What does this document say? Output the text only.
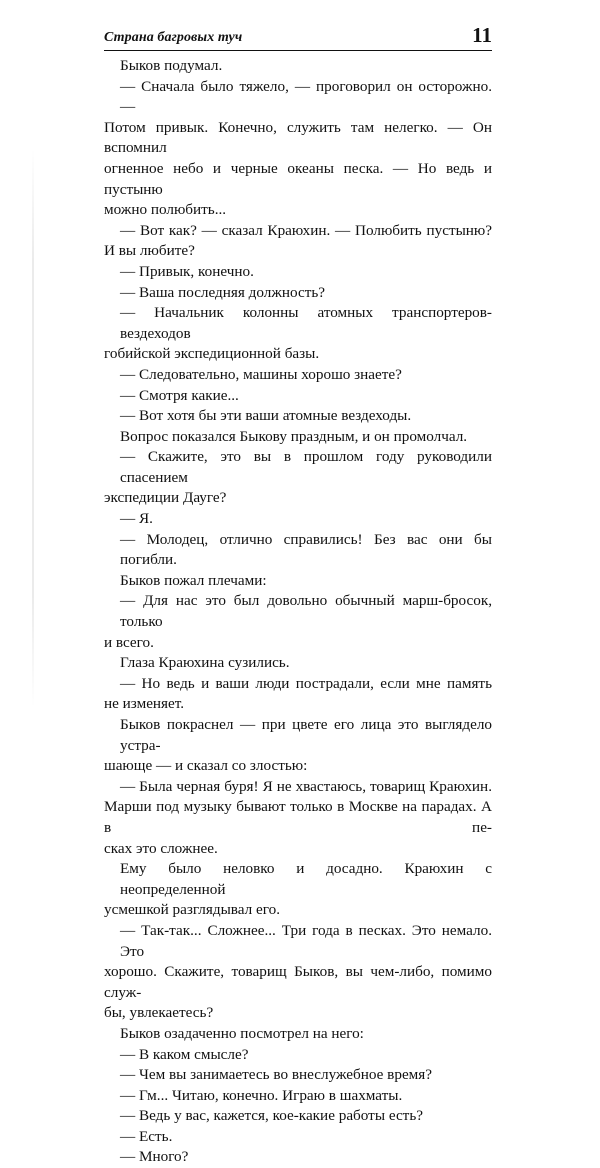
Страна багровых туч	11
Быков подумал.
— Сначала было тяжело, — проговорил он осторожно. —
Потом привык. Конечно, служить там нелегко. — Он вспомнил
огненное небо и черные океаны песка. — Но ведь и пустыню
можно полюбить...
— Вот как? — сказал Краюхин. — Полюбить пустыню?
И вы любите?
— Привык, конечно.
— Ваша последняя должность?
— Начальник колонны атомных транспортеров-вездеходов
гобийской экспедиционной базы.
— Следовательно, машины хорошо знаете?
— Смотря какие...
— Вот хотя бы эти ваши атомные вездеходы.
Вопрос показался Быкову праздным, и он промолчал.
— Скажите, это вы в прошлом году руководили спасением
экспедиции Дауге?
— Я.
— Молодец, отлично справились! Без вас они бы погибли.
Быков пожал плечами:
— Для нас это был довольно обычный марш-бросок, только
и всего.
Глаза Краюхина сузились.
— Но ведь и ваши люди пострадали, если мне память
не изменяет.
Быков покраснел — при цвете его лица это выглядело устра-
шающе — и сказал со злостью:
— Была черная буря! Я не хвастаюсь, товарищ Краюхин.
Марши под музыку бывают только в Москве на парадах. А в пе-
сках это сложнее.
Ему было неловко и досадно. Краюхин с неопределенной
усмешкой разглядывал его.
— Так-так... Сложнее... Три года в песках. Это немало. Это
хорошо. Скажите, товарищ Быков, вы чем-либо, помимо служ-
бы, увлекаетесь?
Быков озадаченно посмотрел на него:
— В каком смысле?
— Чем вы занимаетесь во внеслужебное время?
— Гм... Читаю, конечно. Играю в шахматы.
— Ведь у вас, кажется, кое-какие работы есть?
— Есть.
— Много?
